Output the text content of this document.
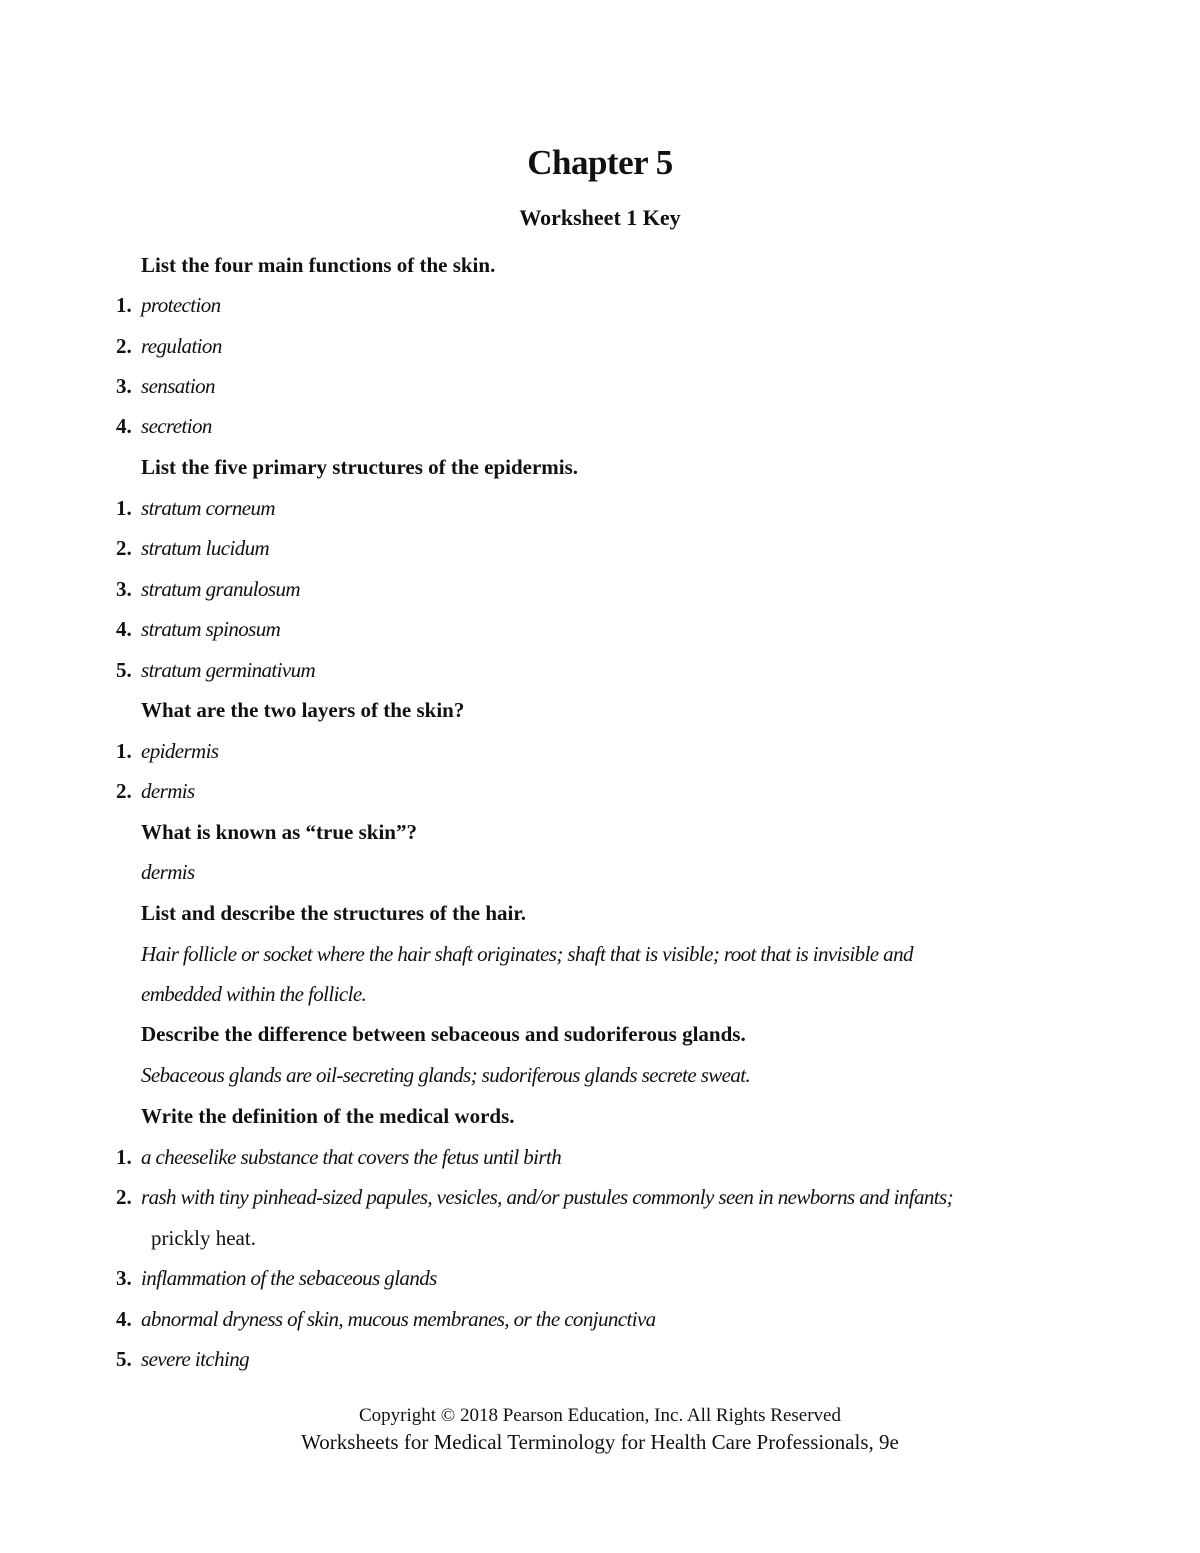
Chapter 5
Worksheet 1 Key
List the four main functions of the skin.
1. protection
2. regulation
3. sensation
4. secretion
List the five primary structures of the epidermis.
1. stratum corneum
2. stratum lucidum
3. stratum granulosum
4. stratum spinosum
5. stratum germinativum
What are the two layers of the skin?
1. epidermis
2. dermis
What is known as “true skin”?
dermis
List and describe the structures of the hair.
Hair follicle or socket where the hair shaft originates; shaft that is visible; root that is invisible and
embedded within the follicle.
Describe the difference between sebaceous and sudoriferous glands.
Sebaceous glands are oil-secreting glands; sudoriferous glands secrete sweat.
Write the definition of the medical words.
1. a cheeselike substance that covers the fetus until birth
2. rash with tiny pinhead-sized papules, vesicles, and/or pustules commonly seen in newborns and infants;
prickly heat.
3. inflammation of the sebaceous glands
4. abnormal dryness of skin, mucous membranes, or the conjunctiva
5. severe itching
Copyright © 2018 Pearson Education, Inc. All Rights Reserved
Worksheets for Medical Terminology for Health Care Professionals, 9e
